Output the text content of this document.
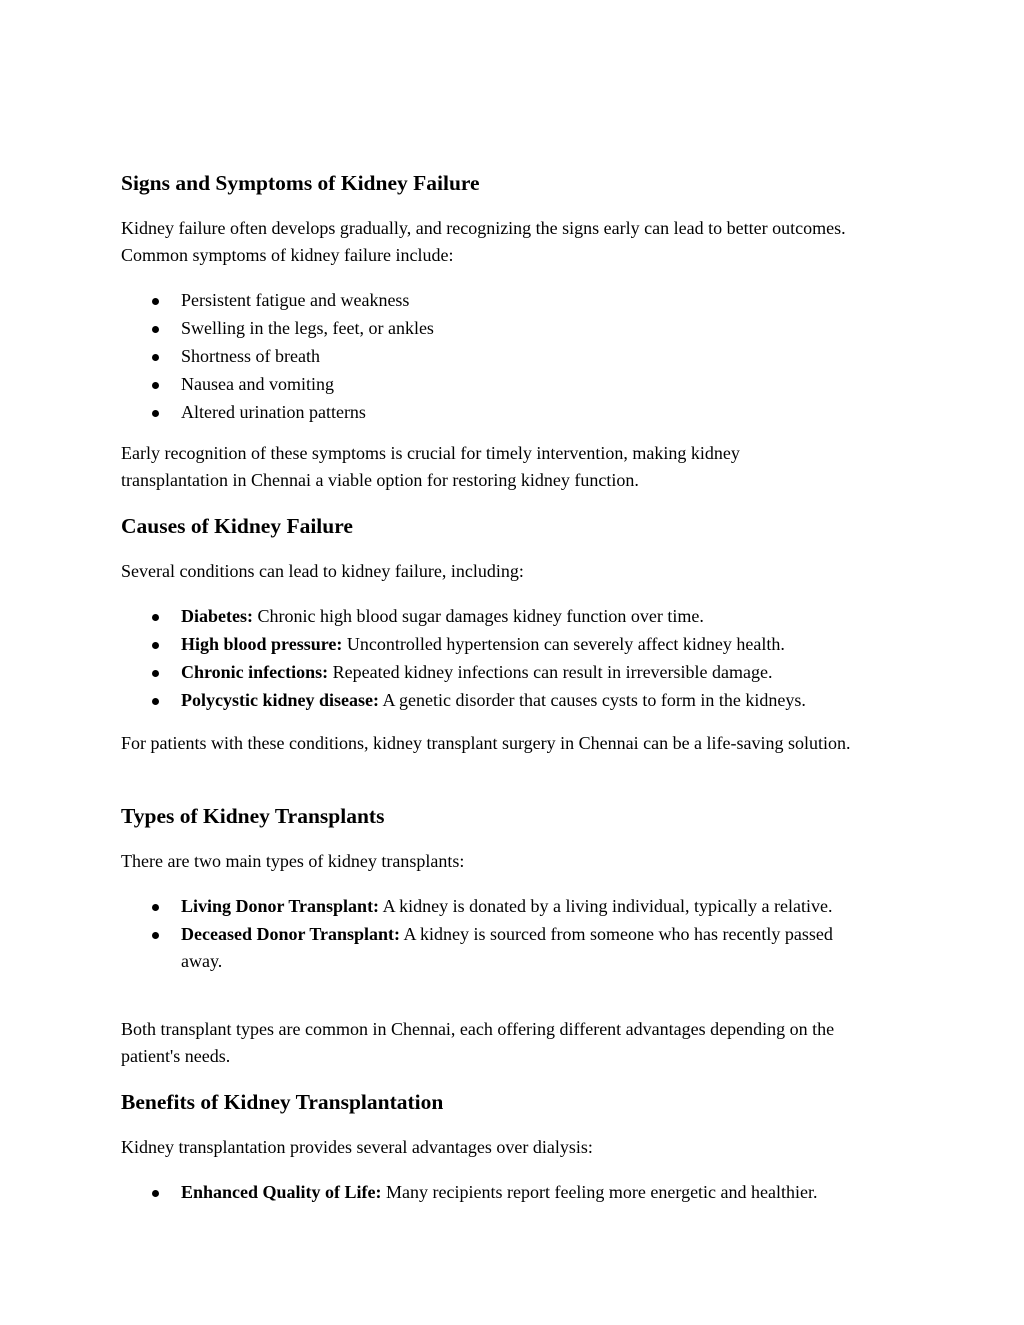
Signs and Symptoms of Kidney Failure

Kidney failure often develops gradually, and recognizing the signs early can lead to better outcomes. Common symptoms of kidney failure include:

Persistent fatigue and weakness
Swelling in the legs, feet, or ankles
Shortness of breath
Nausea and vomiting
Altered urination patterns

Early recognition of these symptoms is crucial for timely intervention, making kidney transplantation in Chennai a viable option for restoring kidney function.

Causes of Kidney Failure

Several conditions can lead to kidney failure, including:

Diabetes: Chronic high blood sugar damages kidney function over time.
High blood pressure: Uncontrolled hypertension can severely affect kidney health.
Chronic infections: Repeated kidney infections can result in irreversible damage.
Polycystic kidney disease: A genetic disorder that causes cysts to form in the kidneys.

For patients with these conditions, kidney transplant surgery in Chennai can be a life-saving solution.

Types of Kidney Transplants

There are two main types of kidney transplants:

Living Donor Transplant: A kidney is donated by a living individual, typically a relative.
Deceased Donor Transplant: A kidney is sourced from someone who has recently passed away.

Both transplant types are common in Chennai, each offering different advantages depending on the patient's needs.

Benefits of Kidney Transplantation

Kidney transplantation provides several advantages over dialysis:

Enhanced Quality of Life: Many recipients report feeling more energetic and healthier.
